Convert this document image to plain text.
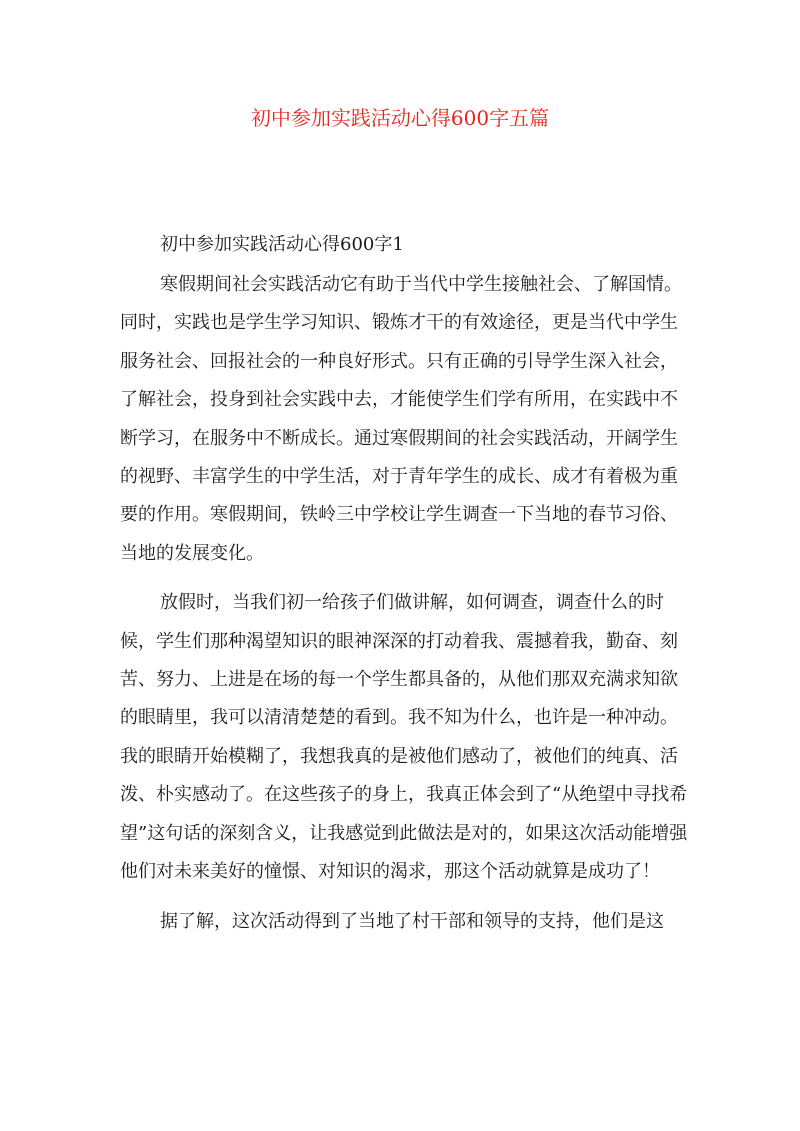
初中参加实践活动心得600字五篇

初中参加实践活动心得600字1

寒假期间社会实践活动它有助于当代中学生接触社会、了解国情。同时，实践也是学生学习知识、锻炼才干的有效途径，更是当代中学生服务社会、回报社会的一种良好形式。只有正确的引导学生深入社会，了解社会，投身到社会实践中去，才能使学生们学有所用，在实践中不断学习，在服务中不断成长。通过寒假期间的社会实践活动，开阔学生的视野、丰富学生的中学生活，对于青年学生的成长、成才有着极为重要的作用。寒假期间，铁岭三中学校让学生调查一下当地的春节习俗、当地的发展变化。

放假时，当我们初一给孩子们做讲解，如何调查，调查什么的时候，学生们那种渴望知识的眼神深深的打动着我、震撼着我，勤奋、刻苦、努力、上进是在场的每一个学生都具备的，从他们那双充满求知欲的眼睛里，我可以清清楚楚的看到。我不知为什么，也许是一种冲动。我的眼睛开始模糊了，我想我真的是被他们感动了，被他们的纯真、活泼、朴实感动了。在这些孩子的身上，我真正体会到了“从绝望中寻找希望”这句话的深刻含义，让我感觉到此做法是对的，如果这次活动能增强他们对未来美好的憧憬、对知识的渴求，那这个活动就算是成功了！

据了解，这次活动得到了当地了村干部和领导的支持，他们是这
